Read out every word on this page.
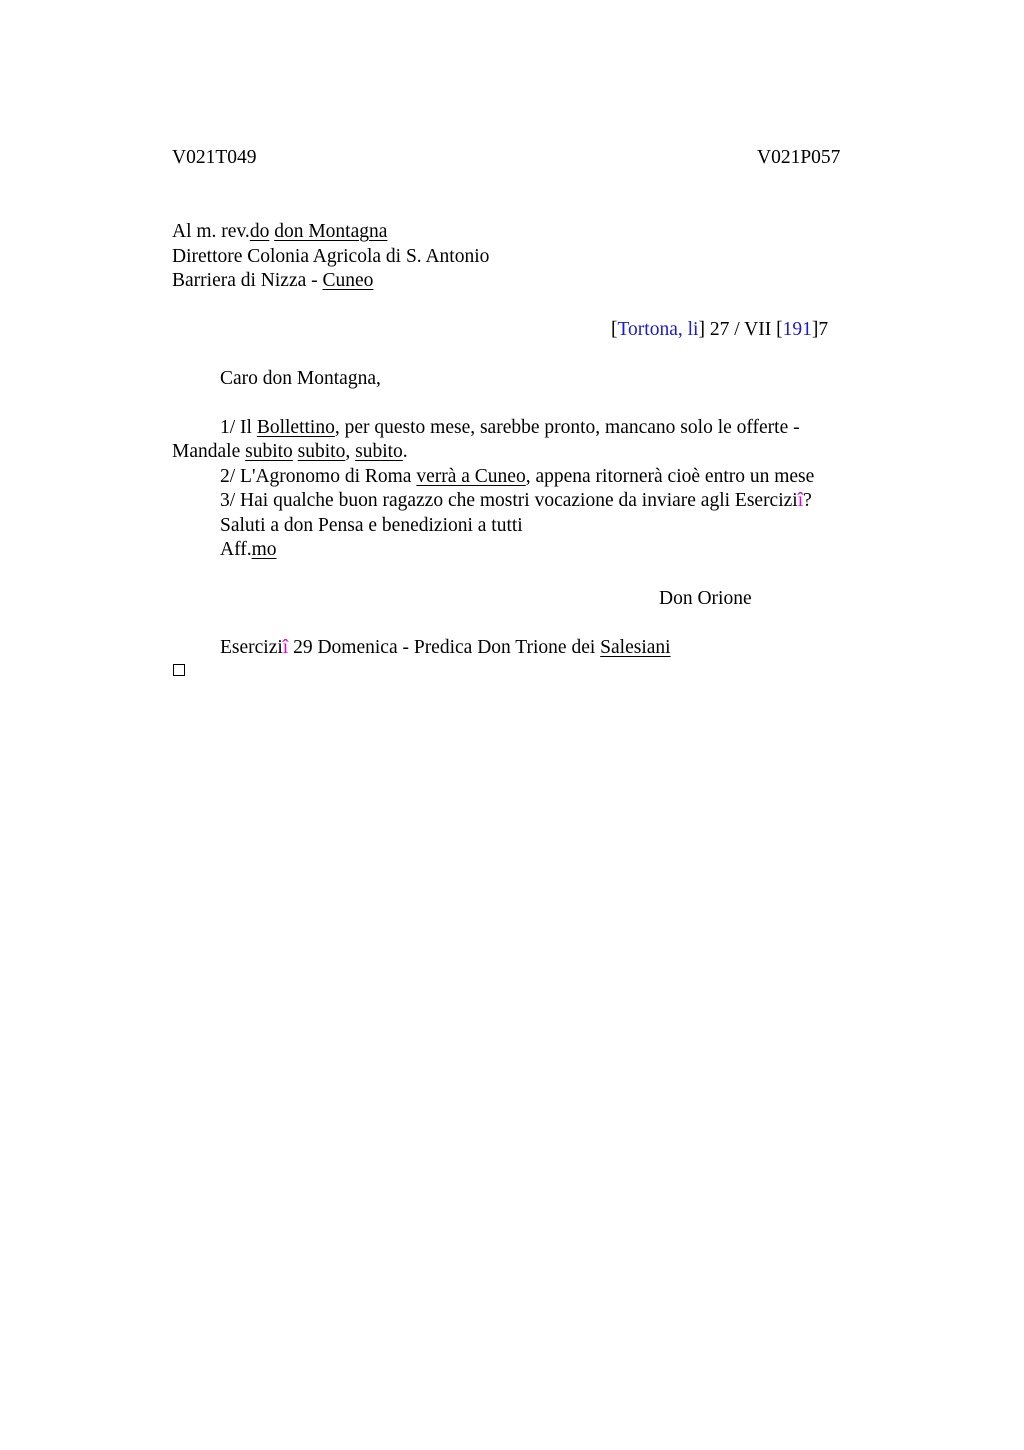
V021T049	V021P057
Al m. rev.do don Montagna
Direttore Colonia Agricola di S. Antonio
Barriera di Nizza - Cuneo
[Tortona, li] 27 / VII [191]7
Caro don Montagna,
1/ Il Bollettino, per questo mese, sarebbe pronto, mancano solo le offerte -
Mandale subito subito, subito.
2/ L'Agronomo di Roma verrà a Cuneo, appena ritornerà cioè entro un mese
3/ Hai qualche buon ragazzo che mostri vocazione da inviare agli Eserciziî?
Saluti a don Pensa e benedizioni a tutti
Aff.mo
Don Orione
Eserciziî 29 Domenica - Predica Don Trione dei Salesiani
